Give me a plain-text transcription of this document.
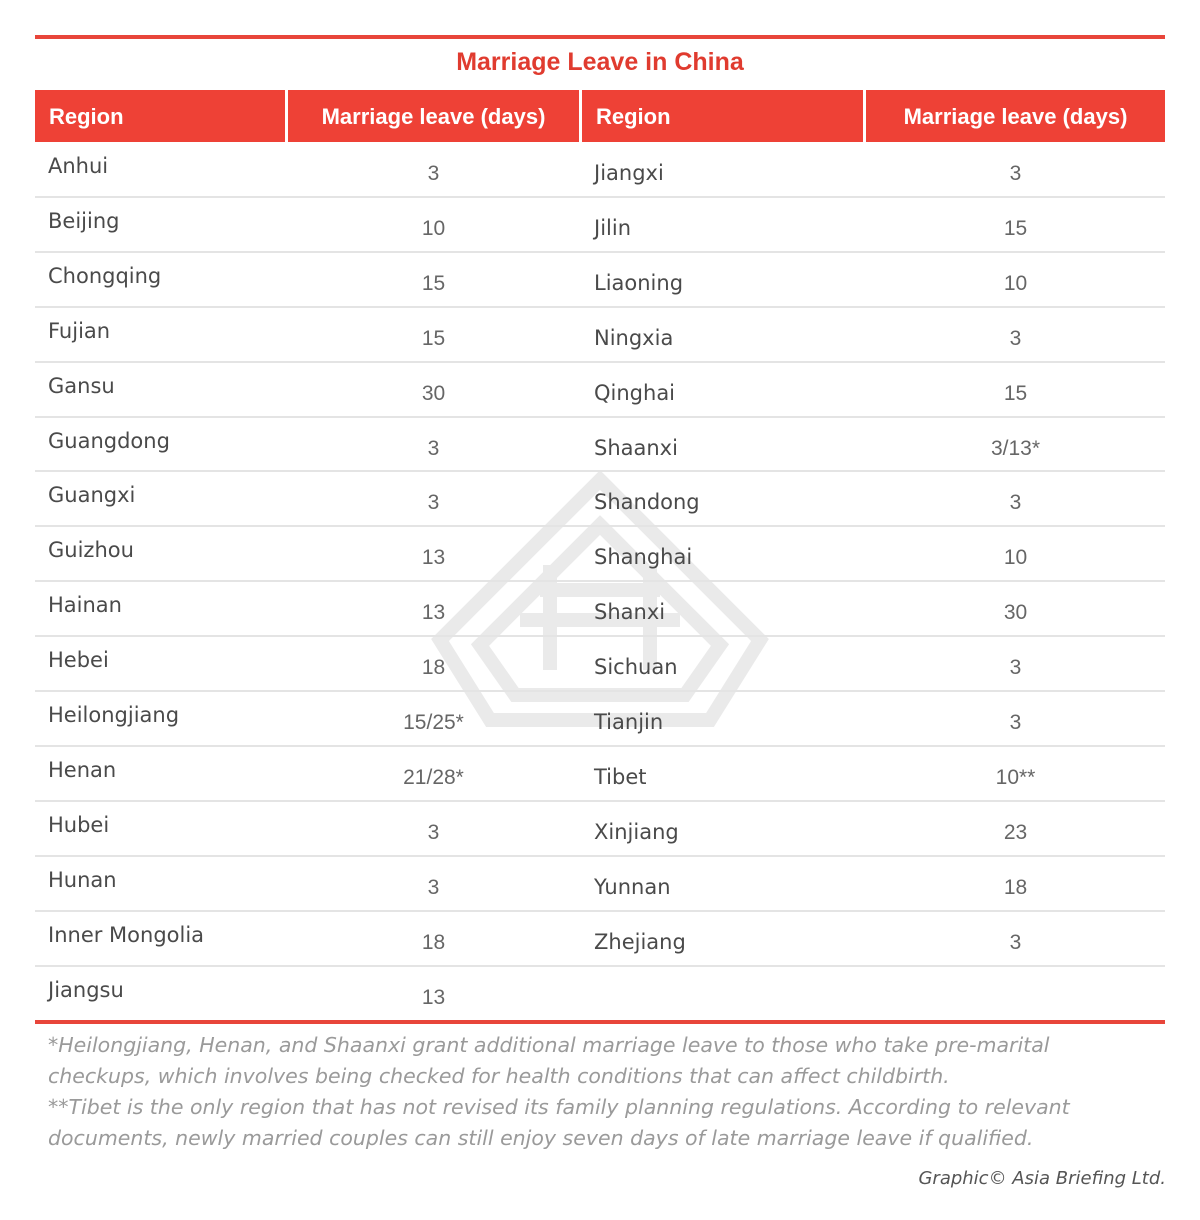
Marriage Leave in China
Region	Marriage leave (days)	Region	Marriage leave (days)
Anhui	3	Jiangxi	3
Beijing	10	Jilin	15
Chongqing	15	Liaoning	10
Fujian	15	Ningxia	3
Gansu	30	Qinghai	15
Guangdong	3	Shaanxi	3/13*
Guangxi	3	Shandong	3
Guizhou	13	Shanghai	10
Hainan	13	Shanxi	30
Hebei	18	Sichuan	3
Heilongjiang	15/25*	Tianjin	3
Henan	21/28*	Tibet	10**
Hubei	3	Xinjiang	23
Hunan	3	Yunnan	18
Inner Mongolia	18	Zhejiang	3
Jiangsu	13

*Heilongjiang, Henan, and Shaanxi grant additional marriage leave to those who take pre-marital checkups, which involves being checked for health conditions that can affect childbirth.

**Tibet is the only region that has not revised its family planning regulations. According to relevant documents, newly married couples can still enjoy seven days of late marriage leave if qualified.

Graphic© Asia Briefing Ltd.
